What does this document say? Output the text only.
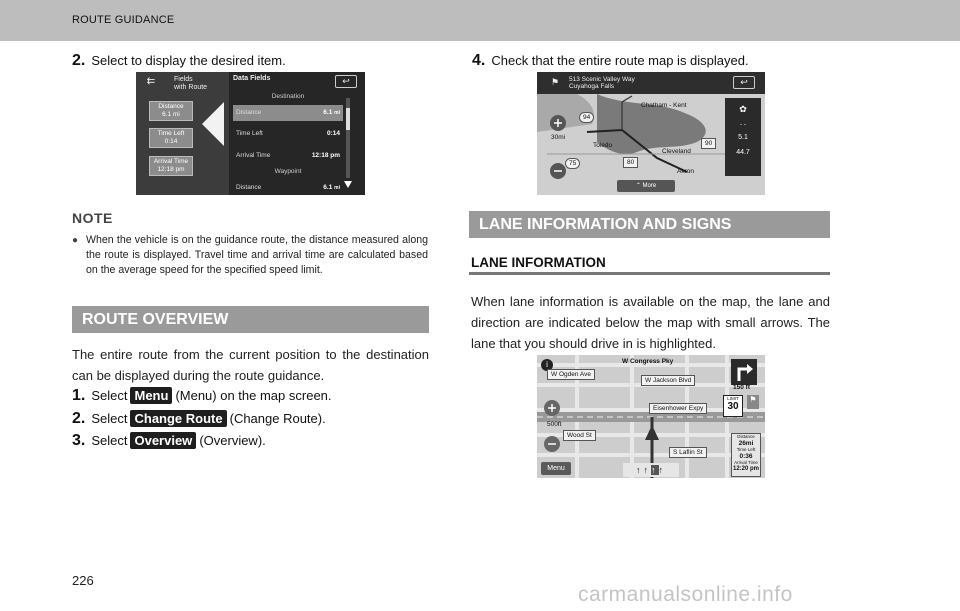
ROUTE GUIDANCE
2. Select to display the desired item.
⇇	Fields
with Route
Distance
6.1 mi
Time Left
0:14
Arrival Time
12:18 pm
Data Fields	↩
Destination
Distance	6.1 mi
Time Left	0:14
Arrival Time	12:18 pm
Waypoint
Distance	6.1 mi
NOTE
● When the vehicle is on the guidance route, the distance measured along the route is displayed. Travel time and arrival time are calculated based on the average speed for the specified speed limit.
ROUTE OVERVIEW
The entire route from the current position to the destination can be displayed during the route guidance.
1. Select Menu (Menu) on the map screen.
2. Select Change Route (Change Route).
3. Select Overview (Overview).
4. Check that the entire route map is displayed.
⚑ 513 Scenic Valley Way
Cuyahoga Falls	↩
Chatham - Kent
Toledo
Cleveland
Akron
30mi
94
75	80
90
✿
- -
5.1
44.7
⌃ More
LANE INFORMATION AND SIGNS
LANE INFORMATION
When lane information is available on the map, the lane and direction are indicated below the map with small arrows. The lane that you should drive in is highlighted.
i	W Congress Pky
W Ogden Ave
W Jackson Blvd
Eisenhower Expy
Wood St
S Laflin St
500ft
150 ft
LIMIT
30
⚑
Distance
26mi
Time Left
0:36
Arrival Time
12:20 pm
Menu	↑↑↑↑
226
carmanualsonline.info
